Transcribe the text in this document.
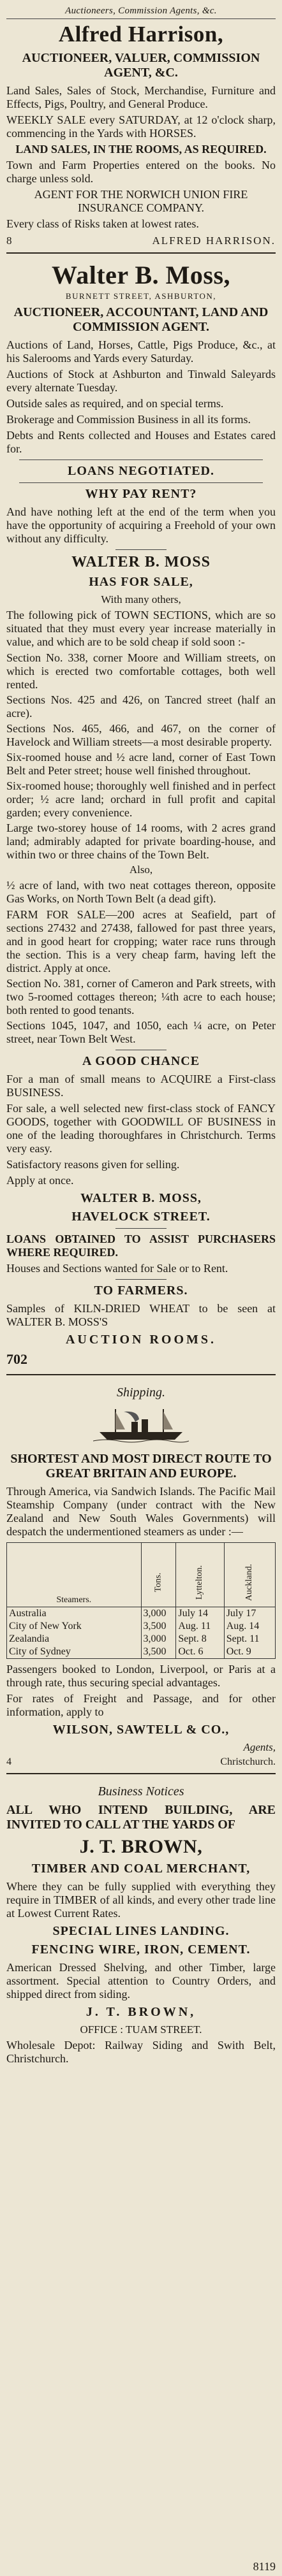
Auctioneers, Commission Agents, &c.
Alfred Harrison,
AUCTIONEER, VALUER, COMMISSION AGENT, &C.

Land Sales, Sales of Stock, Merchandise, Furniture and Effects, Pigs, Poultry, and General Produce.

WEEKLY SALE every SATURDAY, at 12 o'clock sharp, commencing in the Yards with HORSES.

LAND SALES, IN THE ROOMS, AS REQUIRED.

Town and Farm Properties entered on the books. No charge unless sold.

AGENT FOR THE NORWICH UNION FIRE INSURANCE COMPANY.

Every class of Risks taken at lowest rates.

8	ALFRED HARRISON.
Walter B. Moss,
BURNETT STREET, ASHBURTON,
AUCTIONEER, ACCOUNTANT, LAND AND COMMISSION AGENT.

Auctions of Land, Horses, Cattle, Pigs Produce, &c., at his Salerooms and Yards every Saturday.

Auctions of Stock at Ashburton and Tinwald Saleyards every alternate Tuesday.

Outside sales as required, and on special terms.

Brokerage and Commission Business in all its forms.

Debts and Rents collected and Houses and Estates cared for.

LOANS NEGOTIATED.
WHY PAY RENT?

And have nothing left at the end of the term when you have the opportunity of acquiring a Freehold of your own without any difficulty.

WALTER B. MOSS
HAS FOR SALE,
With many others,

The following pick of TOWN SECTIONS, which are so situated that they must every year increase materially in value, and which are to be sold cheap if sold soon :-

Section No. 338, corner Moore and William streets, on which is erected two comfortable cottages, both well rented.
Sections Nos. 425 and 426, on Tancred street (half an acre).
Sections Nos. 465, 466, and 467, on the corner of Havelock and William streets—a most desirable property.
Six-roomed house and ½ acre land, corner of East Town Belt and Peter street; house well finished throughout.
Six-roomed house; thoroughly well finished and in perfect order; ½ acre land; orchard in full profit and capital garden; every convenience.
Large two-storey house of 14 rooms, with 2 acres grand land; admirably adapted for private boarding-house, and within two or three chains of the Town Belt.
Also,

½ acre of land, with two neat cottages thereon, opposite Gas Works, on North Town Belt (a dead gift).

FARM FOR SALE—200 acres at Seafield, part of sections 27432 and 27438, fallowed for past three years, and in good heart for cropping; water race runs through the section. This is a very cheap farm, having left the district. Apply at once.
Section No. 381, corner of Cameron and Park streets, with two 5-roomed cottages thereon; ¼th acre to each house; both rented to good tenants.
Sections 1045, 1047, and 1050, each ¼ acre, on Peter street, near Town Belt West.
A GOOD CHANCE

For a man of small means to ACQUIRE a First-class BUSINESS.

For sale, a well selected new first-class stock of FANCY GOODS, together with GOODWILL OF BUSINESS in one of the leading thoroughfares in Christchurch. Terms very easy.

Satisfactory reasons given for selling.

Apply at once.

WALTER B. MOSS,
HAVELOCK STREET.

LOANS OBTAINED TO ASSIST PURCHASERS WHERE REQUIRED.

Houses and Sections wanted for Sale or to Rent.

TO FARMERS.

Samples of KILN-DRIED WHEAT to be seen at WALTER B. MOSS'S

AUCTION ROOMS.
702
Shipping.
SHORTEST AND MOST DIRECT ROUTE TO GREAT BRITAIN AND EUROPE.

Through America, via Sandwich Islands. The Pacific Mail Steamship Company (under contract with the New Zealand and New South Wales Governments) will despatch the undermentioned steamers as under :—

Steamers.	Tons.	Lyttelton.	Auckland.
Australia	3,000	July 14	July 17
City of New York	3,500	Aug. 11	Aug. 14
Zealandia	3,000	Sept. 8	Sept. 11
City of Sydney	3,500	Oct. 6	Oct. 9

Passengers booked to London, Liverpool, or Paris at a through rate, thus securing special advantages.

For rates of Freight and Passage, and for other information, apply to

WILSON, SAWTELL & CO.,
Agents,
4	Christchurch.
Business Notices
ALL WHO INTEND BUILDING, ARE INVITED TO CALL AT THE YARDS OF
J. T. BROWN,
TIMBER AND COAL MERCHANT,

Where they can be fully supplied with everything they require in TIMBER of all kinds, and every other trade line at Lowest Current Rates.

SPECIAL LINES LANDING.
FENCING WIRE, IRON, CEMENT.

American Dressed Shelving, and other Timber, large assortment. Special attention to Country Orders, and shipped direct from siding.

J. T. BROWN,
OFFICE : TUAM STREET.

Wholesale Depot: Railway Siding and Swith Belt, Christchurch.

8119
